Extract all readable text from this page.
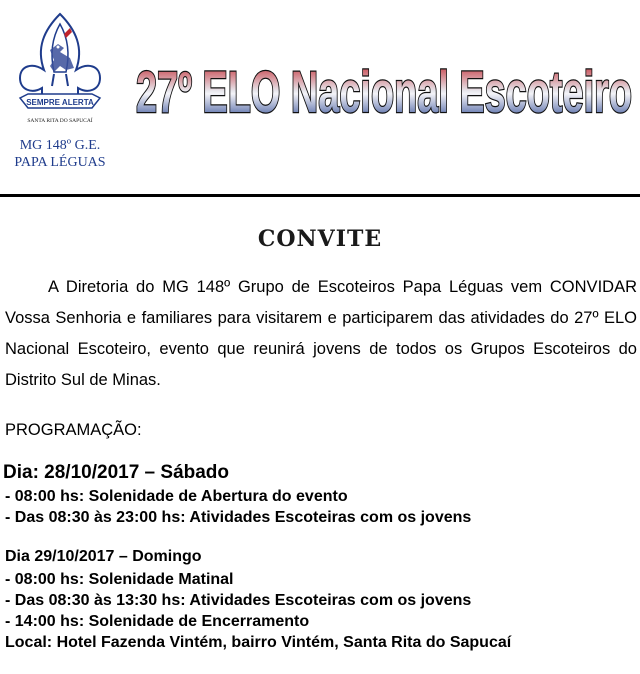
SEMPRE ALERTA
SANTA RITA DO SAPUCAÍ
MG 148º G.E.
PAPA LÉGUAS
27º ELO Nacional Escoteiro
CONVITE
A Diretoria do MG 148º Grupo de Escoteiros Papa Léguas vem CONVIDAR Vossa Senhoria e familiares para visitarem e participarem das atividades do 27º ELO Nacional Escoteiro, evento que reunirá jovens de todos os Grupos Escoteiros do Distrito Sul de Minas.
PROGRAMAÇÃO:
Dia: 28/10/2017 – Sábado
- 08:00 hs: Solenidade de Abertura do evento
- Das 08:30 às 23:00 hs: Atividades Escoteiras com os jovens
Dia 29/10/2017 – Domingo
- 08:00 hs: Solenidade Matinal
- Das 08:30 às 13:30 hs: Atividades Escoteiras com os jovens
- 14:00 hs: Solenidade de Encerramento
Local: Hotel Fazenda Vintém, bairro Vintém, Santa Rita do Sapucaí
